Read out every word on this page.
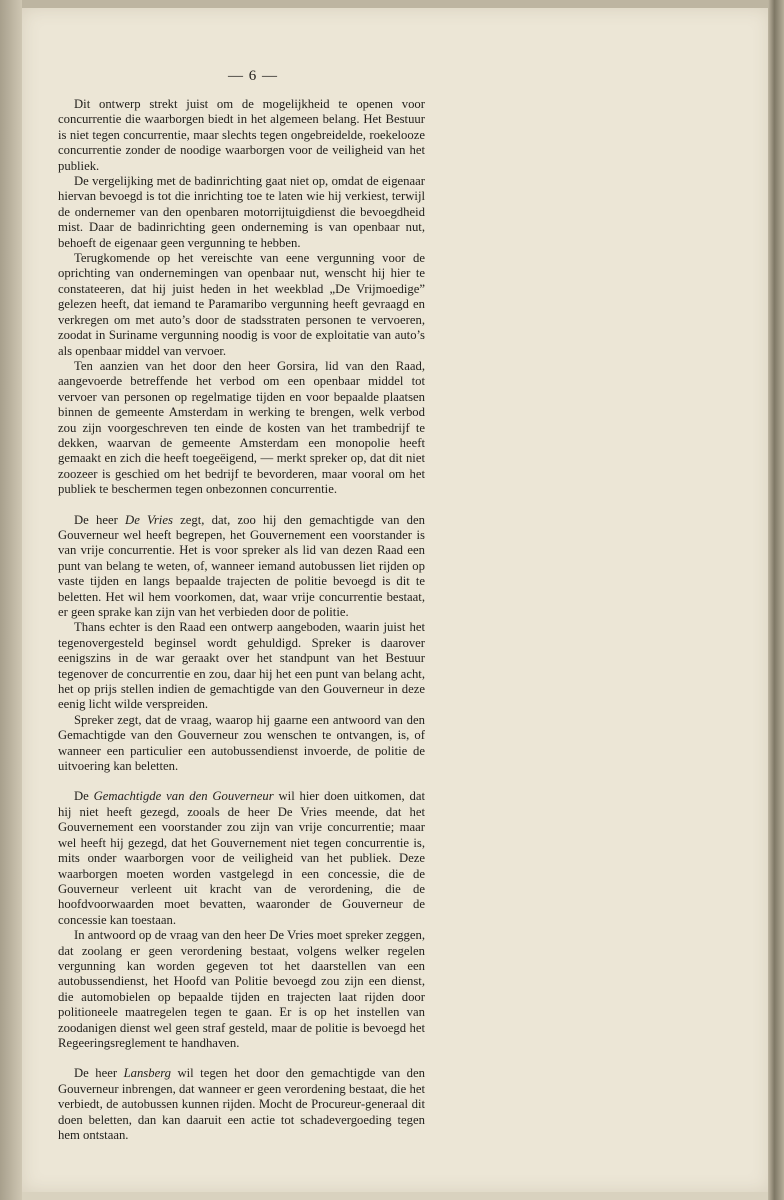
— 6 —

Dit ontwerp strekt juist om de mogelijkheid te openen voor concurrentie die waarborgen biedt in het algemeen belang. Het Bestuur is niet tegen concurrentie, maar slechts tegen ongebreidelde, roekelooze concurrentie zonder de noodige waarborgen voor de veiligheid van het publiek.

De vergelijking met de badinrichting gaat niet op, omdat de eigenaar hiervan bevoegd is tot die inrichting toe te laten wie hij verkiest, terwijl de ondernemer van den openbaren motorrijtuigdienst die bevoegdheid mist. Daar de badinrichting geen onderneming is van openbaar nut, behoeft de eigenaar geen vergunning te hebben.

Terugkomende op het vereischte van eene vergunning voor de oprichting van ondernemingen van openbaar nut, wenscht hij hier te constateeren, dat hij juist heden in het weekblad „De Vrijmoedige” gelezen heeft, dat iemand te Paramaribo vergunning heeft gevraagd en verkregen om met auto’s door de stadsstraten personen te vervoeren, zoodat in Suriname vergunning noodig is voor de exploitatie van auto’s als openbaar middel van vervoer.

Ten aanzien van het door den heer Gorsira, lid van den Raad, aangevoerde betreffende het verbod om een openbaar middel tot vervoer van personen op regelmatige tijden en voor bepaalde plaatsen binnen de gemeente Amsterdam in werking te brengen, welk verbod zou zijn voorgeschreven ten einde de kosten van het trambedrijf te dekken, waarvan de gemeente Amsterdam een monopolie heeft gemaakt en zich die heeft toegeëigend, — merkt spreker op, dat dit niet zoozeer is geschied om het bedrijf te bevorderen, maar vooral om het publiek te beschermen tegen onbezonnen concurrentie.

De heer De Vries zegt, dat, zoo hij den gemachtigde van den Gouverneur wel heeft begrepen, het Gouvernement een voorstander is van vrije concurrentie. Het is voor spreker als lid van dezen Raad een punt van belang te weten, of, wanneer iemand autobussen liet rijden op vaste tijden en langs bepaalde trajecten de politie bevoegd is dit te beletten. Het wil hem voorkomen, dat, waar vrije concurrentie bestaat, er geen sprake kan zijn van het verbieden door de politie.

Thans echter is den Raad een ontwerp aangeboden, waarin juist het tegenovergesteld beginsel wordt gehuldigd. Spreker is daarover eenigszins in de war geraakt over het standpunt van het Bestuur tegenover de concurrentie en zou, daar hij het een punt van belang acht, het op prijs stellen indien de gemachtigde van den Gouverneur in deze eenig licht wilde verspreiden.

Spreker zegt, dat de vraag, waarop hij gaarne een antwoord van den Gemachtigde van den Gouverneur zou wenschen te ontvangen, is, of wanneer een particulier een autobussendienst invoerde, de politie de uitvoering kan beletten.

De Gemachtigde van den Gouverneur wil hier doen uitkomen, dat hij niet heeft gezegd, zooals de heer De Vries meende, dat het Gouvernement een voorstander zou zijn van vrije concurrentie; maar wel heeft hij gezegd, dat het Gouvernement niet tegen concurrentie is, mits onder waarborgen voor de veiligheid van het publiek. Deze waarborgen moeten worden vastgelegd in een concessie, die de Gouverneur verleent uit kracht van de verordening, die de hoofdvoorwaarden moet bevatten, waaronder de Gouverneur de concessie kan toestaan.

In antwoord op de vraag van den heer De Vries moet spreker zeggen, dat zoolang er geen verordening bestaat, volgens welker regelen vergunning kan worden gegeven tot het daarstellen van een autobussendienst, het Hoofd van Politie bevoegd zou zijn een dienst, die automobielen op bepaalde tijden en trajecten laat rijden door politioneele maatregelen tegen te gaan. Er is op het instellen van zoodanigen dienst wel geen straf gesteld, maar de politie is bevoegd het Regeeringsreglement te handhaven.

De heer Lansberg wil tegen het door den gemachtigde van den Gouverneur inbrengen, dat wanneer er geen verordening bestaat, die het verbiedt, de autobussen kunnen rijden. Mocht de Procureur-generaal dit doen beletten, dan kan daaruit een actie tot schadevergoeding tegen hem ontstaan.
